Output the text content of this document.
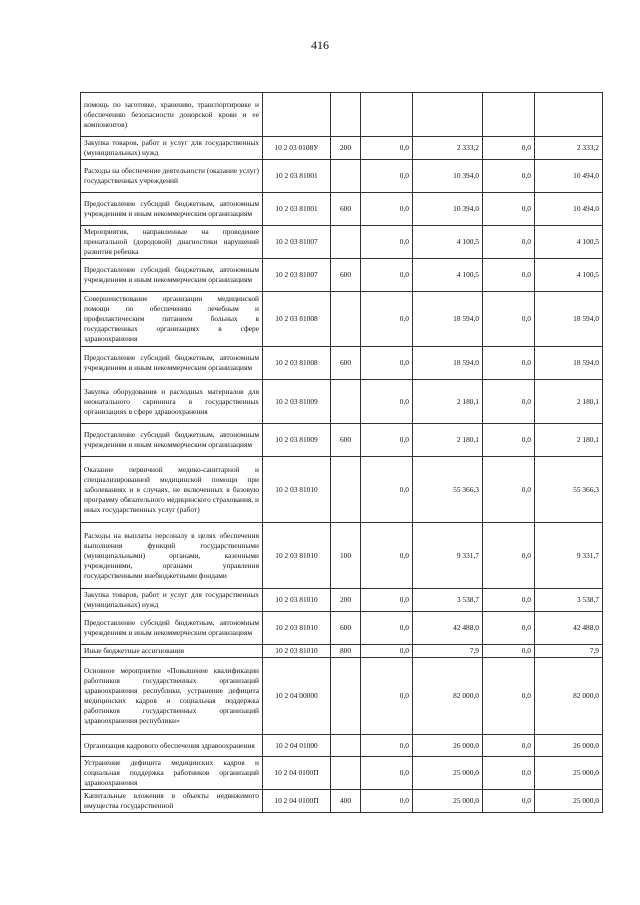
416
помощь по заготовке, хранению, транспортировке и обеспечению безопасности донорской крови и ее компонентов)						
Закупка товаров, работ и услуг для государственных (муниципальных) нужд	10 2 03 0108У	200	0,0	2 333,2	0,0	2 333,2
Расходы на обеспечение деятельности (оказание услуг) государственных учреждений	10 2 03 81001		0,0	10 394,0	0,0	10 494,0
Предоставление субсидий бюджетным, автономным учреждениям и иным некоммерческим организациям	10 2 03 81001	600	0,0	10 394,0	0,0	10 494,0
Мероприятия, направленные на проведение пренатальной (дородовой) диагностики нарушений развития ребенка	10 2 03 81007		0,0	4 100,5	0,0	4 100,5
Предоставление субсидий бюджетным, автономным учреждениям и иным некоммерческим организациям	10 2 03 81007	600	0,0	4 100,5	0,0	4 100,5
Совершенствование организации медицинской помощи по обеспечению лечебным и профилактическим питанием больных в государственных организациях в сфере здравоохранения	10 2 03 81008		0,0	18 594,0	0,0	18 594,0
Предоставление субсидий бюджетным, автономным учреждениям и иным некоммерческим организациям	10 2 03 81008	600	0,0	18 594,0	0,0	18 594,0
Закупка оборудования и расходных материалов для неонатального скрининга в государственных организациях в сфере здравоохранения	10 2 03 81009		0,0	2 180,1	0,0	2 180,1
Предоставление субсидий бюджетным, автономным учреждениям и иным некоммерческим организациям	10 2 03 81009	600	0,0	2 180,1	0,0	2 180,1
Оказание первичной медико-санитарной и специализированной медицинской помощи при заболеваниях и в случаях, не включенных в базовую программу обязательного медицинского страхования, и иных государственных услуг (работ)	10 2 03 81010		0,0	55 366,3	0,0	55 366,3
Расходы на выплаты персоналу в целях обеспечения выполнения функций государственными (муниципальными) органами, казенными учреждениями, органами управления государственными внебюджетными фондами	10 2 03 81010	100	0,0	9 331,7	0,0	9 331,7
Закупка товаров, работ и услуг для государственных (муниципальных) нужд	10 2 03 81010	200	0,0	3 538,7	0,0	3 538,7
Предоставление субсидий бюджетным, автономным учреждениям и иным некоммерческим организациям	10 2 03 81010	600	0,0	42 488,0	0,0	42 488,0
Иные бюджетные ассигнования	10 2 03 81010	800	0,0	7,9	0,0	7,9
Основное мероприятие «Повышение квалификации работников государственных организаций здравоохранения республики, устранение дефицита медицинских кадров и социальная поддержка работников государственных организаций здравоохранения республики»	10 2 04 00000		0,0	82 000,0	0,0	82 000,0
Организация кадрового обеспечения здравоохранения	10 2 04 01000		0,0	26 000,0	0,0	26 000,0
Устранение дефицита медицинских кадров и социальная поддержка работников организаций здравоохранения	10 2 04 0100П		0,0	25 000,0	0,0	25 000,0
Капитальные вложения в объекты недвижимого имущества государственной	10 2 04 0100П	400	0,0	25 000,0	0,0	25 000,0
